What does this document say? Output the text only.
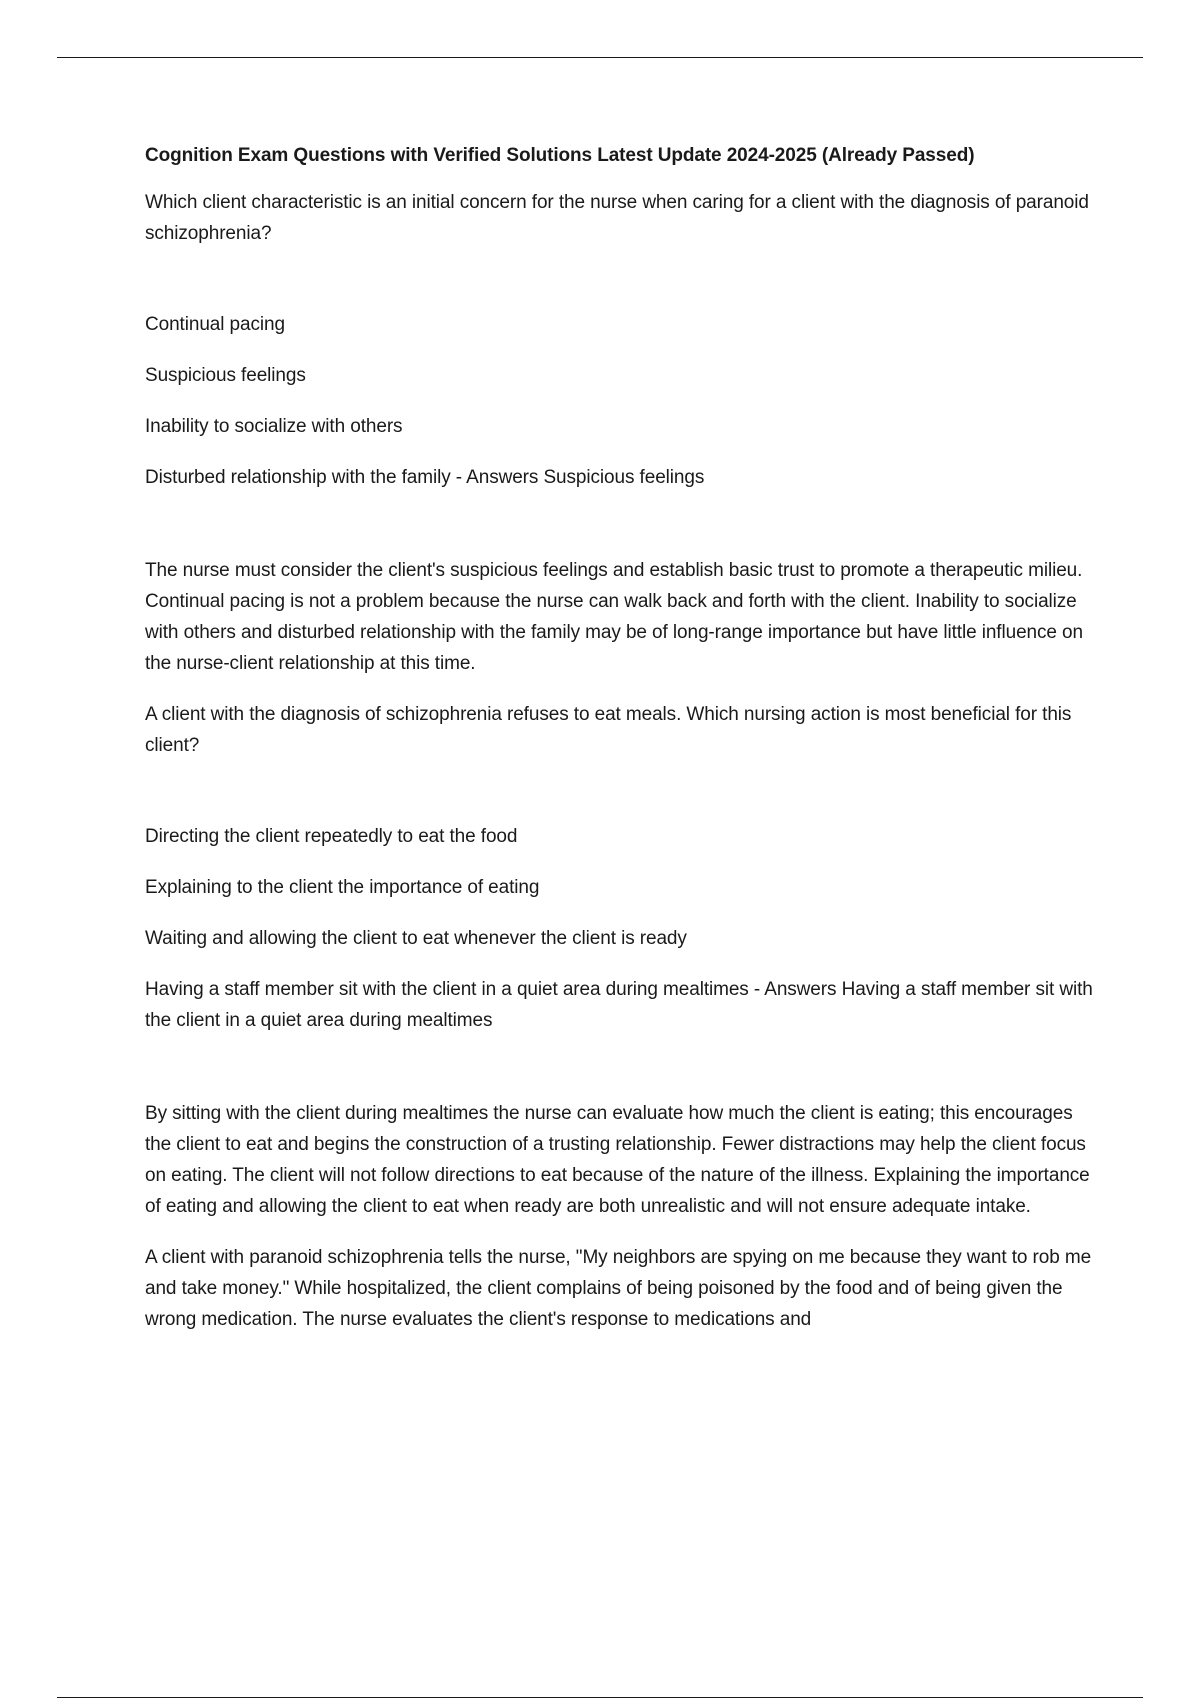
Cognition Exam Questions with Verified Solutions Latest Update 2024-2025 (Already Passed)

Which client characteristic is an initial concern for the nurse when caring for a client with the diagnosis of paranoid schizophrenia?

Continual pacing

Suspicious feelings

Inability to socialize with others

Disturbed relationship with the family - Answers Suspicious feelings

The nurse must consider the client's suspicious feelings and establish basic trust to promote a therapeutic milieu. Continual pacing is not a problem because the nurse can walk back and forth with the client. Inability to socialize with others and disturbed relationship with the family may be of long-range importance but have little influence on the nurse-client relationship at this time.

A client with the diagnosis of schizophrenia refuses to eat meals. Which nursing action is most beneficial for this client?

Directing the client repeatedly to eat the food

Explaining to the client the importance of eating

Waiting and allowing the client to eat whenever the client is ready

Having a staff member sit with the client in a quiet area during mealtimes - Answers Having a staff member sit with the client in a quiet area during mealtimes

By sitting with the client during mealtimes the nurse can evaluate how much the client is eating; this encourages the client to eat and begins the construction of a trusting relationship. Fewer distractions may help the client focus on eating. The client will not follow directions to eat because of the nature of the illness. Explaining the importance of eating and allowing the client to eat when ready are both unrealistic and will not ensure adequate intake.

A client with paranoid schizophrenia tells the nurse, "My neighbors are spying on me because they want to rob me and take money." While hospitalized, the client complains of being poisoned by the food and of being given the wrong medication. The nurse evaluates the client's response to medications and
